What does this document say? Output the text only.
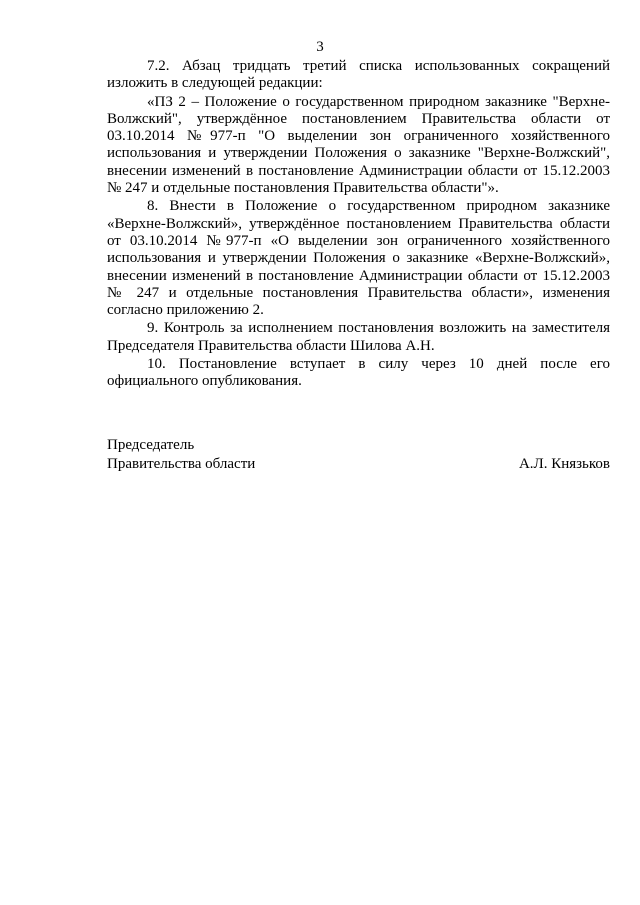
3

7.2. Абзац тридцать третий списка использованных сокращений изложить в следующей редакции:

«ПЗ 2 – Положение о государственном природном заказнике "Верхне-Волжский", утверждённое постановлением Правительства области от 03.10.2014 №977-п "О выделении зон ограниченного хозяйственного использования и утверждении Положения о заказнике "Верхне-Волжский", внесении изменений в постановление Администрации области от 15.12.2003 № 247 и отдельные постановления Правительства области"».

8. Внести в Положение о государственном природном заказнике «Верхне-Волжский», утверждённое постановлением Правительства области от 03.10.2014 №977-п «О выделении зон ограниченного хозяйственного использования и утверждении Положения о заказнике «Верхне-Волжский», внесении изменений в постановление Администрации области от 15.12.2003 № 247 и отдельные постановления Правительства области», изменения согласно приложению 2.

9. Контроль за исполнением постановления возложить на заместителя Председателя Правительства области Шилова А.Н.

10. Постановление вступает в силу через 10 дней после его официального опубликования.

Председатель
Правительства области	А.Л. Князьков
